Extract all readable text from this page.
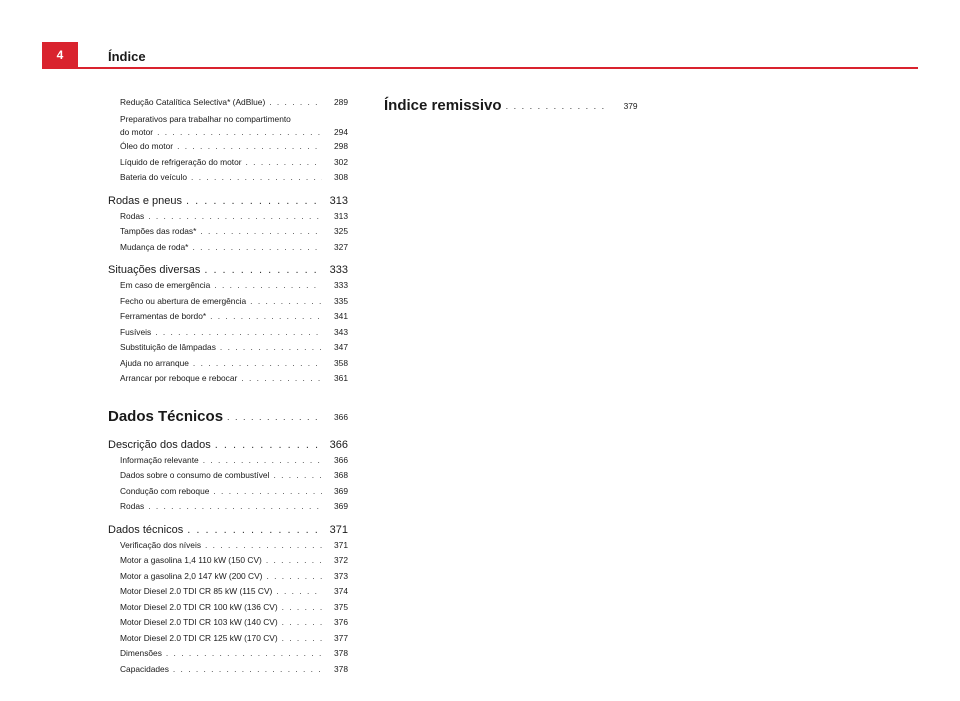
4	Índice
Redução Catalítica Selectiva* (AdBlue) . . .	289
Preparativos para trabalhar no compartimento
do motor . . .	294
Óleo do motor . . .	298
Líquido de refrigeração do motor . . .	302
Bateria do veículo . . .	308
Rodas e pneus . . .	313
Rodas . . .	313
Tampões das rodas* . . .	325
Mudança de roda* . . .	327
Situações diversas . . .	333
Em caso de emergência . . .	333
Fecho ou abertura de emergência . . .	335
Ferramentas de bordo* . . .	341
Fusíveis . . .	343
Substituição de lâmpadas . . .	347
Ajuda no arranque . . .	358
Arrancar por reboque e rebocar . . .	361
Dados Técnicos . . .	366
Descrição dos dados . . .	366
Informação relevante . . .	366
Dados sobre o consumo de combustível . . .	368
Condução com reboque . . .	369
Rodas . . .	369
Dados técnicos . . .	371
Verificação dos níveis . . .	371
Motor a gasolina 1,4 110 kW (150 CV) . . .	372
Motor a gasolina 2,0 147 kW (200 CV) . . .	373
Motor Diesel 2.0 TDI CR 85 kW (115 CV) . . .	374
Motor Diesel 2.0 TDI CR 100 kW (136 CV) . . .	375
Motor Diesel 2.0 TDI CR 103 kW (140 CV) . . .	376
Motor Diesel 2.0 TDI CR 125 kW (170 CV) . . .	377
Dimensões . . .	378
Capacidades . . .	378
Índice remissivo . . .	379
